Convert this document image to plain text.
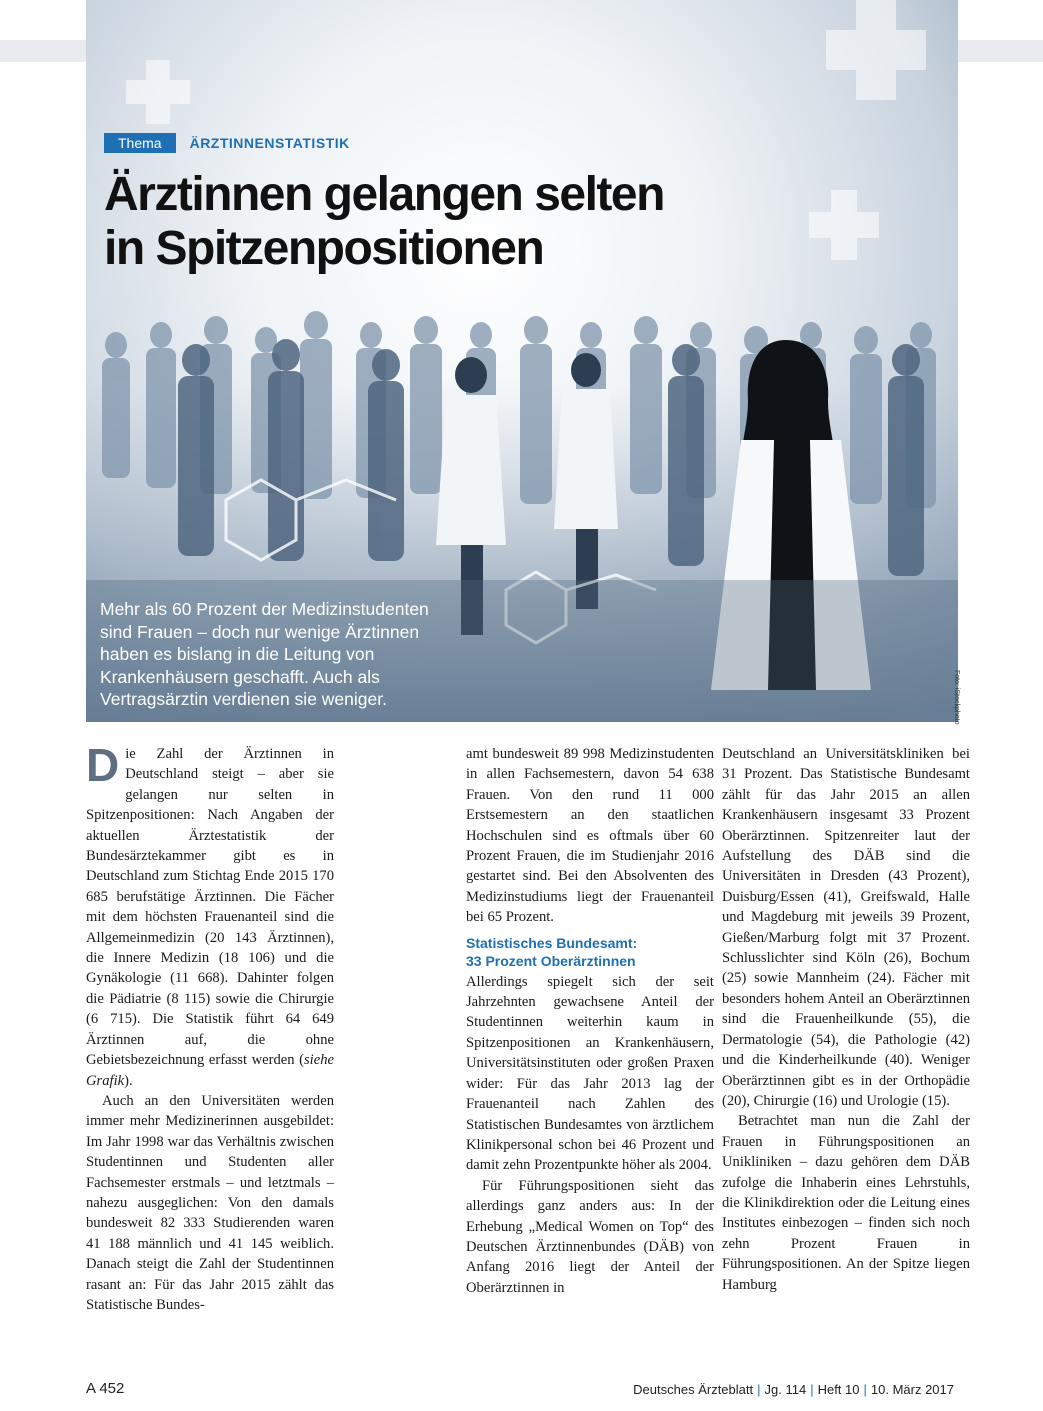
Thema	ÄRZTINNENSTATISTIK
Ärztinnen gelangen selten
in Spitzenpositionen

Mehr als 60 Prozent der Medizinstudenten
sind Frauen – doch nur wenige Ärztinnen
haben es bislang in die Leitung von
Krankenhäusern geschafft. Auch als
Vertragsärztin verdienen sie weniger.	Foto: iStockphoto

Die Zahl der Ärztinnen in Deutschland steigt – aber sie gelangen nur selten in Spitzenpositionen: Nach Angaben der aktuellen Ärztestatistik der Bundesärztekammer gibt es in Deutschland zum Stichtag Ende 2015 170 685 berufstätige Ärztinnen. Die Fächer mit dem höchsten Frauenanteil sind die Allgemeinmedizin (20 143 Ärztinnen), die Innere Medizin (18 106) und die Gynäkologie (11 668). Dahinter folgen die Pädiatrie (8 115) sowie die Chirurgie (6 715). Die Statistik führt 64 649 Ärztinnen auf, die ohne Gebietsbezeichnung erfasst werden (siehe Grafik).

Auch an den Universitäten werden immer mehr Medizinerinnen ausgebildet: Im Jahr 1998 war das Verhältnis zwischen Studentinnen und Studenten aller Fachsemester erstmals – und letztmals – nahezu ausgeglichen: Von den damals bundesweit 82 333 Studierenden waren 41 188 männlich und 41 145 weiblich. Danach steigt die Zahl der Studentinnen rasant an: Für das Jahr 2015 zählt das Statistische Bundes-

amt bundesweit 89 998 Medizinstudenten in allen Fachsemestern, davon 54 638 Frauen. Von den rund 11 000 Erstsemestern an den staatlichen Hochschulen sind es oftmals über 60 Prozent Frauen, die im Studienjahr 2016 gestartet sind. Bei den Absolventen des Medizinstudiums liegt der Frauenanteil bei 65 Prozent.

Statistisches Bundesamt:
33 Prozent Oberärztinnen

Allerdings spiegelt sich der seit Jahrzehnten gewachsene Anteil der Studentinnen weiterhin kaum in Spitzenpositionen an Krankenhäusern, Universitätsinstituten oder großen Praxen wider: Für das Jahr 2013 lag der Frauenanteil nach Zahlen des Statistischen Bundesamtes von ärztlichem Klinikpersonal schon bei 46 Prozent und damit zehn Prozentpunkte höher als 2004.

Für Führungspositionen sieht das allerdings ganz anders aus: In der Erhebung „Medical Women on Top“ des Deutschen Ärztinnenbundes (DÄB) von Anfang 2016 liegt der Anteil der Oberärztinnen in

Deutschland an Universitätskliniken bei 31 Prozent. Das Statistische Bundesamt zählt für das Jahr 2015 an allen Krankenhäusern insgesamt 33 Prozent Oberärztinnen. Spitzenreiter laut der Aufstellung des DÄB sind die Universitäten in Dresden (43 Prozent), Duisburg/Essen (41), Greifswald, Halle und Magdeburg mit jeweils 39 Prozent, Gießen/Marburg folgt mit 37 Prozent. Schlusslichter sind Köln (26), Bochum (25) sowie Mannheim (24). Fächer mit besonders hohem Anteil an Oberärztinnen sind die Frauenheilkunde (55), die Dermatologie (54), die Pathologie (42) und die Kinderheilkunde (40). Weniger Oberärztinnen gibt es in der Orthopädie (20), Chirurgie (16) und Urologie (15).

Betrachtet man nun die Zahl der Frauen in Führungspositionen an Unikliniken – dazu gehören dem DÄB zufolge die Inhaberin eines Lehrstuhls, die Klinikdirektion oder die Leitung eines Institutes einbezogen – finden sich noch zehn Prozent Frauen in Führungspositionen. An der Spitze liegen Hamburg

A 452	Deutsches Ärzteblatt | Jg. 114 | Heft 10 | 10. März 2017
